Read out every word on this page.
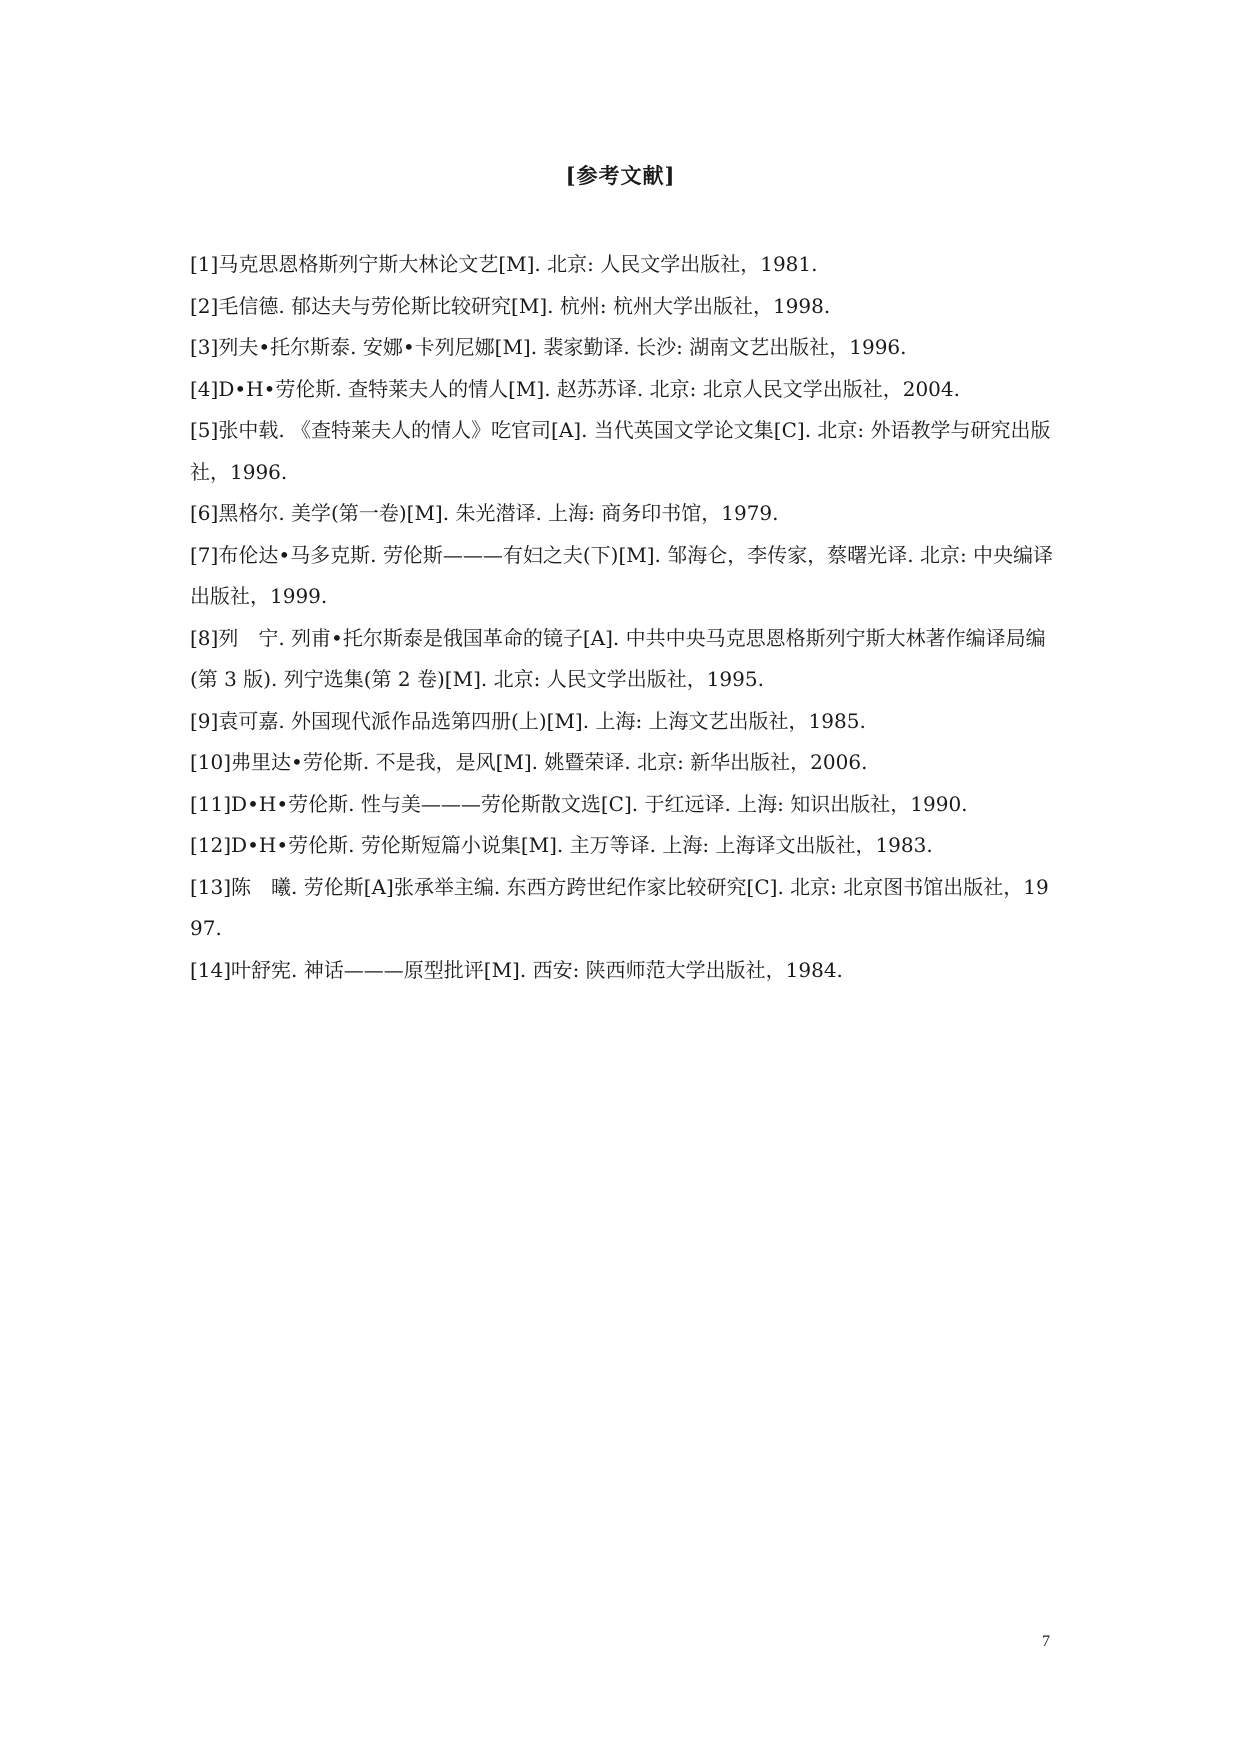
[参考文献]
[1]马克思恩格斯列宁斯大林论文艺[M]. 北京: 人民文学出版社，1981.
[2]毛信德. 郁达夫与劳伦斯比较研究[M]. 杭州: 杭州大学出版社，1998.
[3]列夫•托尔斯泰. 安娜•卡列尼娜[M]. 裴家勤译. 长沙: 湖南文艺出版社，1996.
[4]D•H•劳伦斯. 查特莱夫人的情人[M]. 赵苏苏译. 北京: 北京人民文学出版社，2004.
[5]张中载. 《查特莱夫人的情人》吃官司[A]. 当代英国文学论文集[C]. 北京: 外语教学与研究出版社，1996.
[6]黑格尔. 美学(第一卷)[M]. 朱光潜译. 上海: 商务印书馆，1979.
[7]布伦达•马多克斯. 劳伦斯———有妇之夫(下)[M]. 邹海仑，李传家，蔡曙光译. 北京: 中央编译出版社，1999.
[8]列　宁. 列甫•托尔斯泰是俄国革命的镜子[A]. 中共中央马克思恩格斯列宁斯大林著作编译局编(第 3 版). 列宁选集(第 2 卷)[M]. 北京: 人民文学出版社，1995.
[9]袁可嘉. 外国现代派作品选第四册(上)[M]. 上海: 上海文艺出版社，1985.
[10]弗里达•劳伦斯. 不是我，是风[M]. 姚暨荣译. 北京: 新华出版社，2006.
[11]D•H•劳伦斯. 性与美———劳伦斯散文选[C]. 于红远译. 上海: 知识出版社，1990.
[12]D•H•劳伦斯. 劳伦斯短篇小说集[M]. 主万等译. 上海: 上海译文出版社，1983.
[13]陈　曦. 劳伦斯[A]张承举主编. 东西方跨世纪作家比较研究[C]. 北京: 北京图书馆出版社，1997.
[14]叶舒宪. 神话———原型批评[M]. 西安: 陕西师范大学出版社，1984.
7
